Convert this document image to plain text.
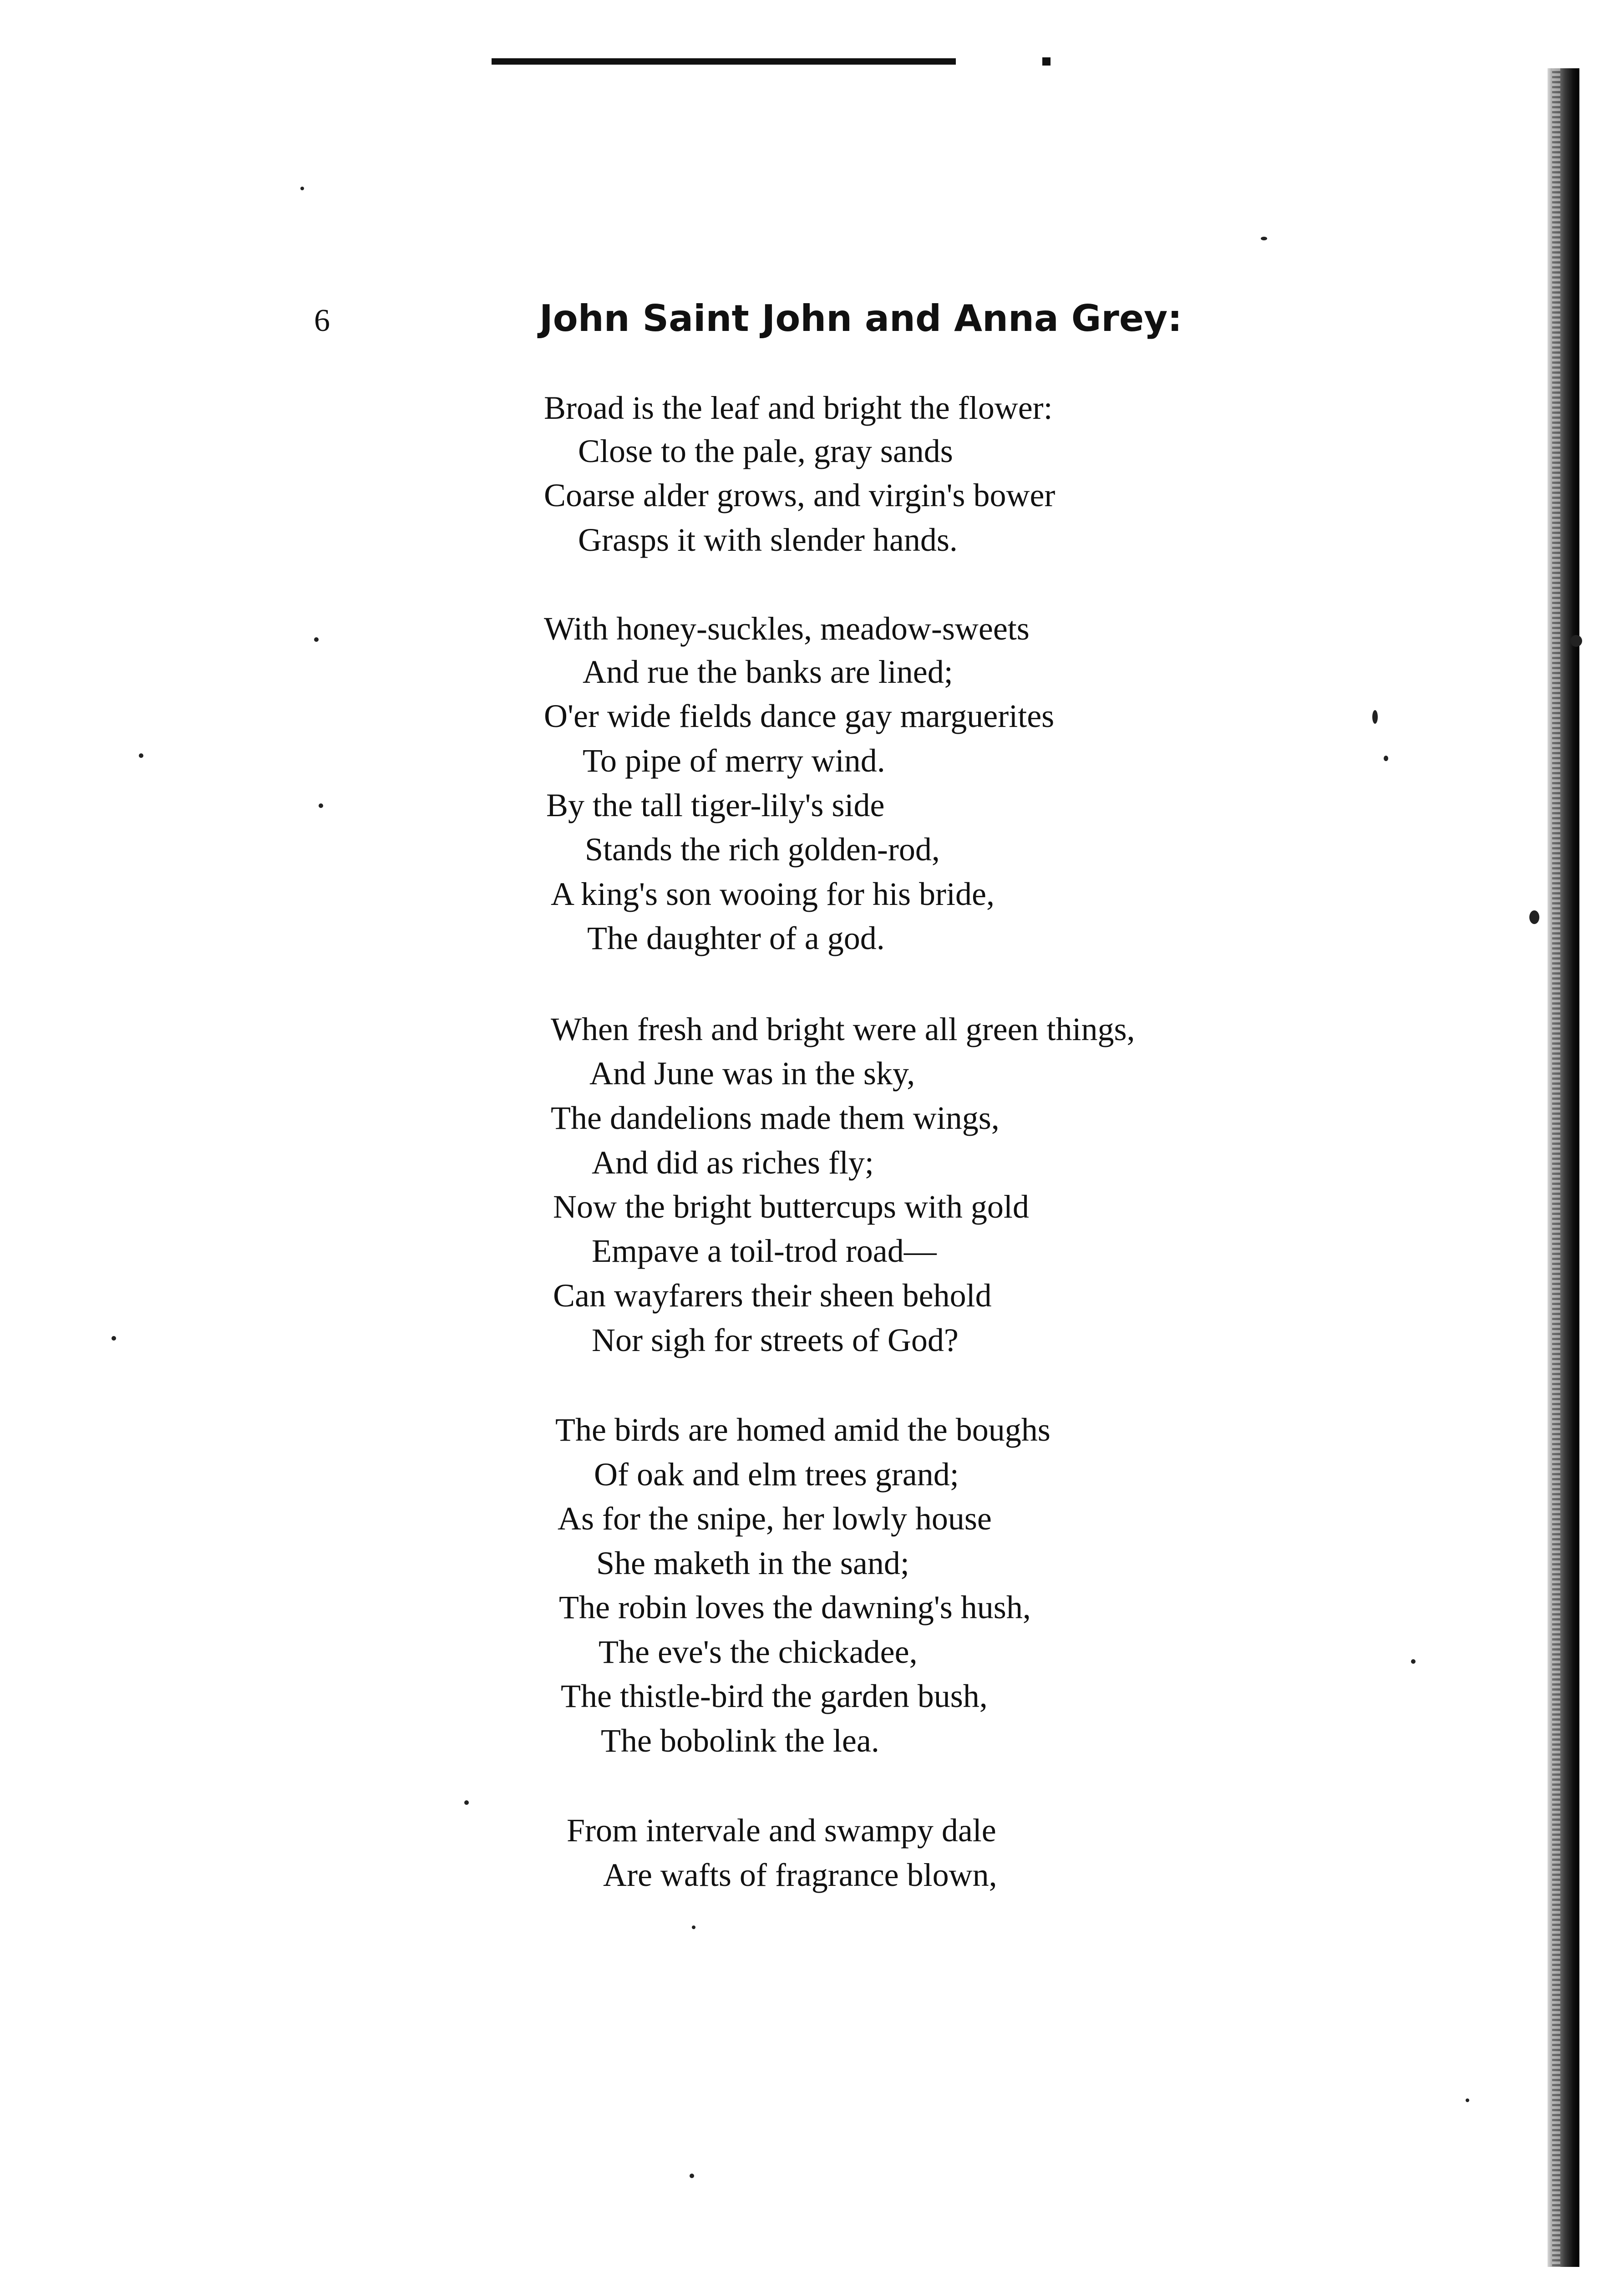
6	John Saint John and Anna Grey:
Broad is the leaf and bright the flower:
Close to the pale, gray sands
Coarse alder grows, and virgin's bower
Grasps it with slender hands.
With honey-suckles, meadow-sweets
And rue the banks are lined;
O'er wide fields dance gay marguerites
To pipe of merry wind.
By the tall tiger-lily's side
Stands the rich golden-rod,
A king's son wooing for his bride,
The daughter of a god.
When fresh and bright were all green things,
And June was in the sky,
The dandelions made them wings,
And did as riches fly;
Now the bright buttercups with gold
Empave a toil-trod road—
Can wayfarers their sheen behold
Nor sigh for streets of God?
The birds are homed amid the boughs
Of oak and elm trees grand;
As for the snipe, her lowly house
She maketh in the sand;
The robin loves the dawning's hush,
The eve's the chickadee,
The thistle-bird the garden bush,
The bobolink the lea.
From intervale and swampy dale
Are wafts of fragrance blown,
